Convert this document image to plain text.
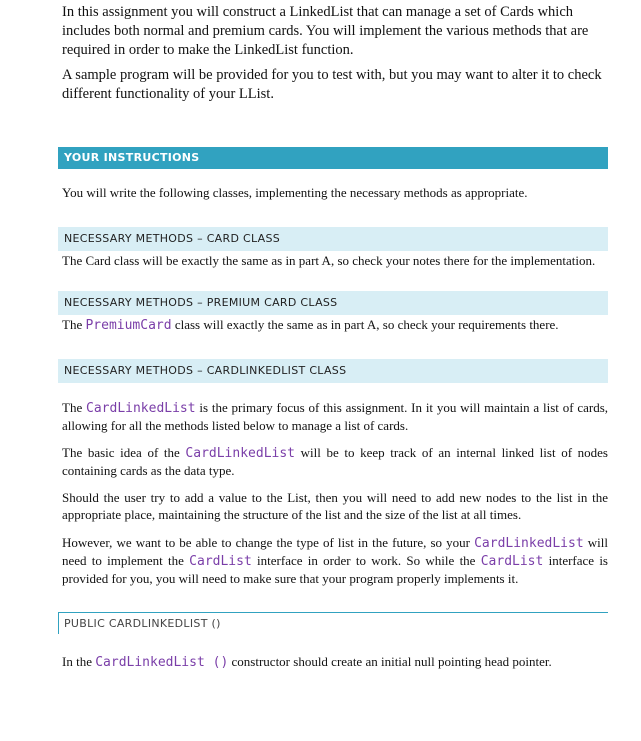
In this assignment you will construct a LinkedList that can manage a set of Cards which includes both normal and premium cards. You will implement the various methods that are required in order to make the LinkedList function.

A sample program will be provided for you to test with, but you may want to alter it to check different functionality of your LList.

YOUR INSTRUCTIONS

You will write the following classes, implementing the necessary methods as appropriate.

NECESSARY METHODS – CARD CLASS

The Card class will be exactly the same as in part A, so check your notes there for the implementation.

NECESSARY METHODS – PREMIUM CARD CLASS

The PremiumCard class will exactly the same as in part A, so check your requirements there.

NECESSARY METHODS – CARDLINKEDLIST CLASS

The CardLinkedList is the primary focus of this assignment. In it you will maintain a list of cards, allowing for all the methods listed below to manage a list of cards.

The basic idea of the CardLinkedList will be to keep track of an internal linked list of nodes containing cards as the data type.

Should the user try to add a value to the List, then you will need to add new nodes to the list in the appropriate place, maintaining the structure of the list and the size of the list at all times.

However, we want to be able to change the type of list in the future, so your CardLinkedList will need to implement the CardList interface in order to work. So while the CardList interface is provided for you, you will need to make sure that your program properly implements it.

PUBLIC CARDLINKEDLIST ()

In the CardLinkedList () constructor should create an initial null pointing head pointer.
